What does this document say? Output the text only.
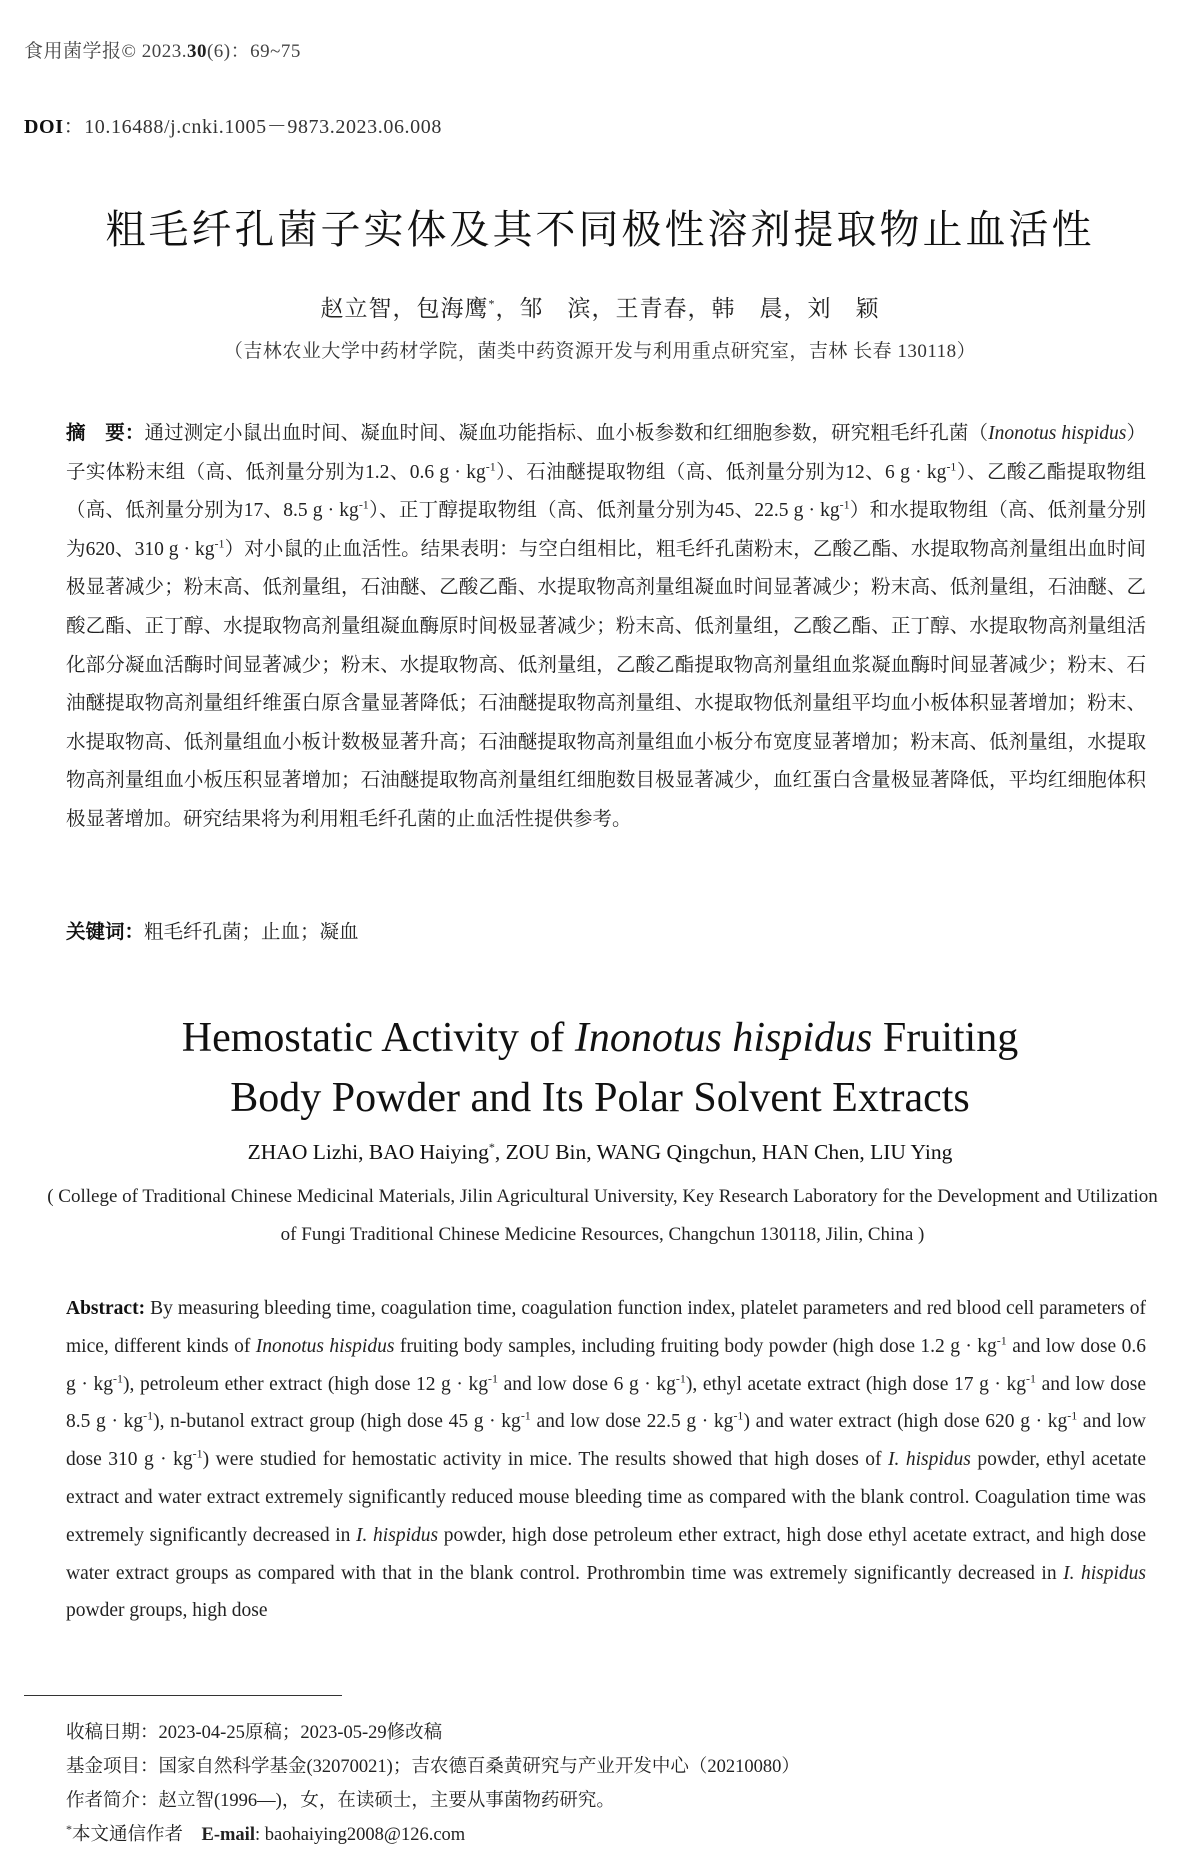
食用菌学报© 2023.30(6)：69~75
DOI：10.16488/j.cnki.1005－9873.2023.06.008
粗毛纤孔菌子实体及其不同极性溶剂提取物止血活性
赵立智，包海鹰*，邹　滨，王青春，韩　晨，刘　颖
（吉林农业大学中药材学院，菌类中药资源开发与利用重点研究室，吉林 长春 130118）
摘　要：通过测定小鼠出血时间、凝血时间、凝血功能指标、血小板参数和红细胞参数，研究粗毛纤孔菌（Inonotus hispidus）子实体粉末组（高、低剂量分别为1.2、0.6 $g \cdot kg^{-1}$）、石油醚提取物组（高、低剂量分别为12、6 $g \cdot kg^{-1}$）、乙酸乙酯提取物组（高、低剂量分别为17、8.5 $g \cdot kg^{-1}$）、正丁醇提取物组（高、低剂量分别为45、22.5 $g \cdot kg^{-1}$）和水提取物组（高、低剂量分别为620、310 $g \cdot kg^{-1}$）对小鼠的止血活性。结果表明：与空白组相比，粗毛纤孔菌粉末，乙酸乙酯、水提取物高剂量组出血时间极显著减少；粉末高、低剂量组，石油醚、乙酸乙酯、水提取物高剂量组凝血时间显著减少；粉末高、低剂量组，石油醚、乙酸乙酯、正丁醇、水提取物高剂量组凝血酶原时间极显著减少；粉末高、低剂量组，乙酸乙酯、正丁醇、水提取物高剂量组活化部分凝血活酶时间显著减少；粉末、水提取物高、低剂量组，乙酸乙酯提取物高剂量组血浆凝血酶时间显著减少；粉末、石油醚提取物高剂量组纤维蛋白原含量显著降低；石油醚提取物高剂量组、水提取物低剂量组平均血小板体积显著增加；粉末、水提取物高、低剂量组血小板计数极显著升高；石油醚提取物高剂量组血小板分布宽度显著增加；粉末高、低剂量组，水提取物高剂量组血小板压积显著增加；石油醚提取物高剂量组红细胞数目极显著减少，血红蛋白含量极显著降低，平均红细胞体积极显著增加。研究结果将为利用粗毛纤孔菌的止血活性提供参考。
关键词：粗毛纤孔菌；止血；凝血
Hemostatic Activity of Inonotus hispidus Fruiting
Body Powder and Its Polar Solvent Extracts
ZHAO Lizhi, BAO Haiying*, ZOU Bin, WANG Qingchun, HAN Chen, LIU Ying
( College of Traditional Chinese Medicinal Materials, Jilin Agricultural University, Key Research Laboratory for the Development and Utilization of Fungi Traditional Chinese Medicine Resources, Changchun 130118, Jilin, China )
Abstract: By measuring bleeding time, coagulation time, coagulation function index, platelet parameters and red blood cell parameters of mice, different kinds of Inonotus hispidus fruiting body samples, including fruiting body powder (high dose 1.2 $g \cdot kg^{-1}$ and low dose 0.6 $g \cdot kg^{-1}$), petroleum ether extract (high dose 12 $g \cdot kg^{-1}$ and low dose 6 $g \cdot kg^{-1}$), ethyl acetate extract (high dose 17 $g \cdot kg^{-1}$ and low dose 8.5 $g \cdot kg^{-1}$), n-butanol extract group (high dose 45 $g \cdot kg^{-1}$ and low dose 22.5 $g \cdot kg^{-1}$) and water extract (high dose 620 $g \cdot kg^{-1}$ and low dose 310 $g \cdot kg^{-1}$) were studied for hemostatic activity in mice. The results showed that high doses of I. hispidus powder, ethyl acetate extract and water extract extremely significantly reduced mouse bleeding time as compared with the blank control. Coagulation time was extremely significantly decreased in I. hispidus powder, high dose petroleum ether extract, high dose ethyl acetate extract, and high dose water extract groups as compared with that in the blank control. Prothrombin time was extremely significantly decreased in I. hispidus powder groups, high dose
收稿日期：2023-04-25原稿；2023-05-29修改稿
基金项目：国家自然科学基金(32070021)；吉农德百桑黄研究与产业开发中心（20210080）
作者简介：赵立智(1996—)，女，在读硕士，主要从事菌物药研究。
*本文通信作者　E-mail: baohaiying2008@126.com
